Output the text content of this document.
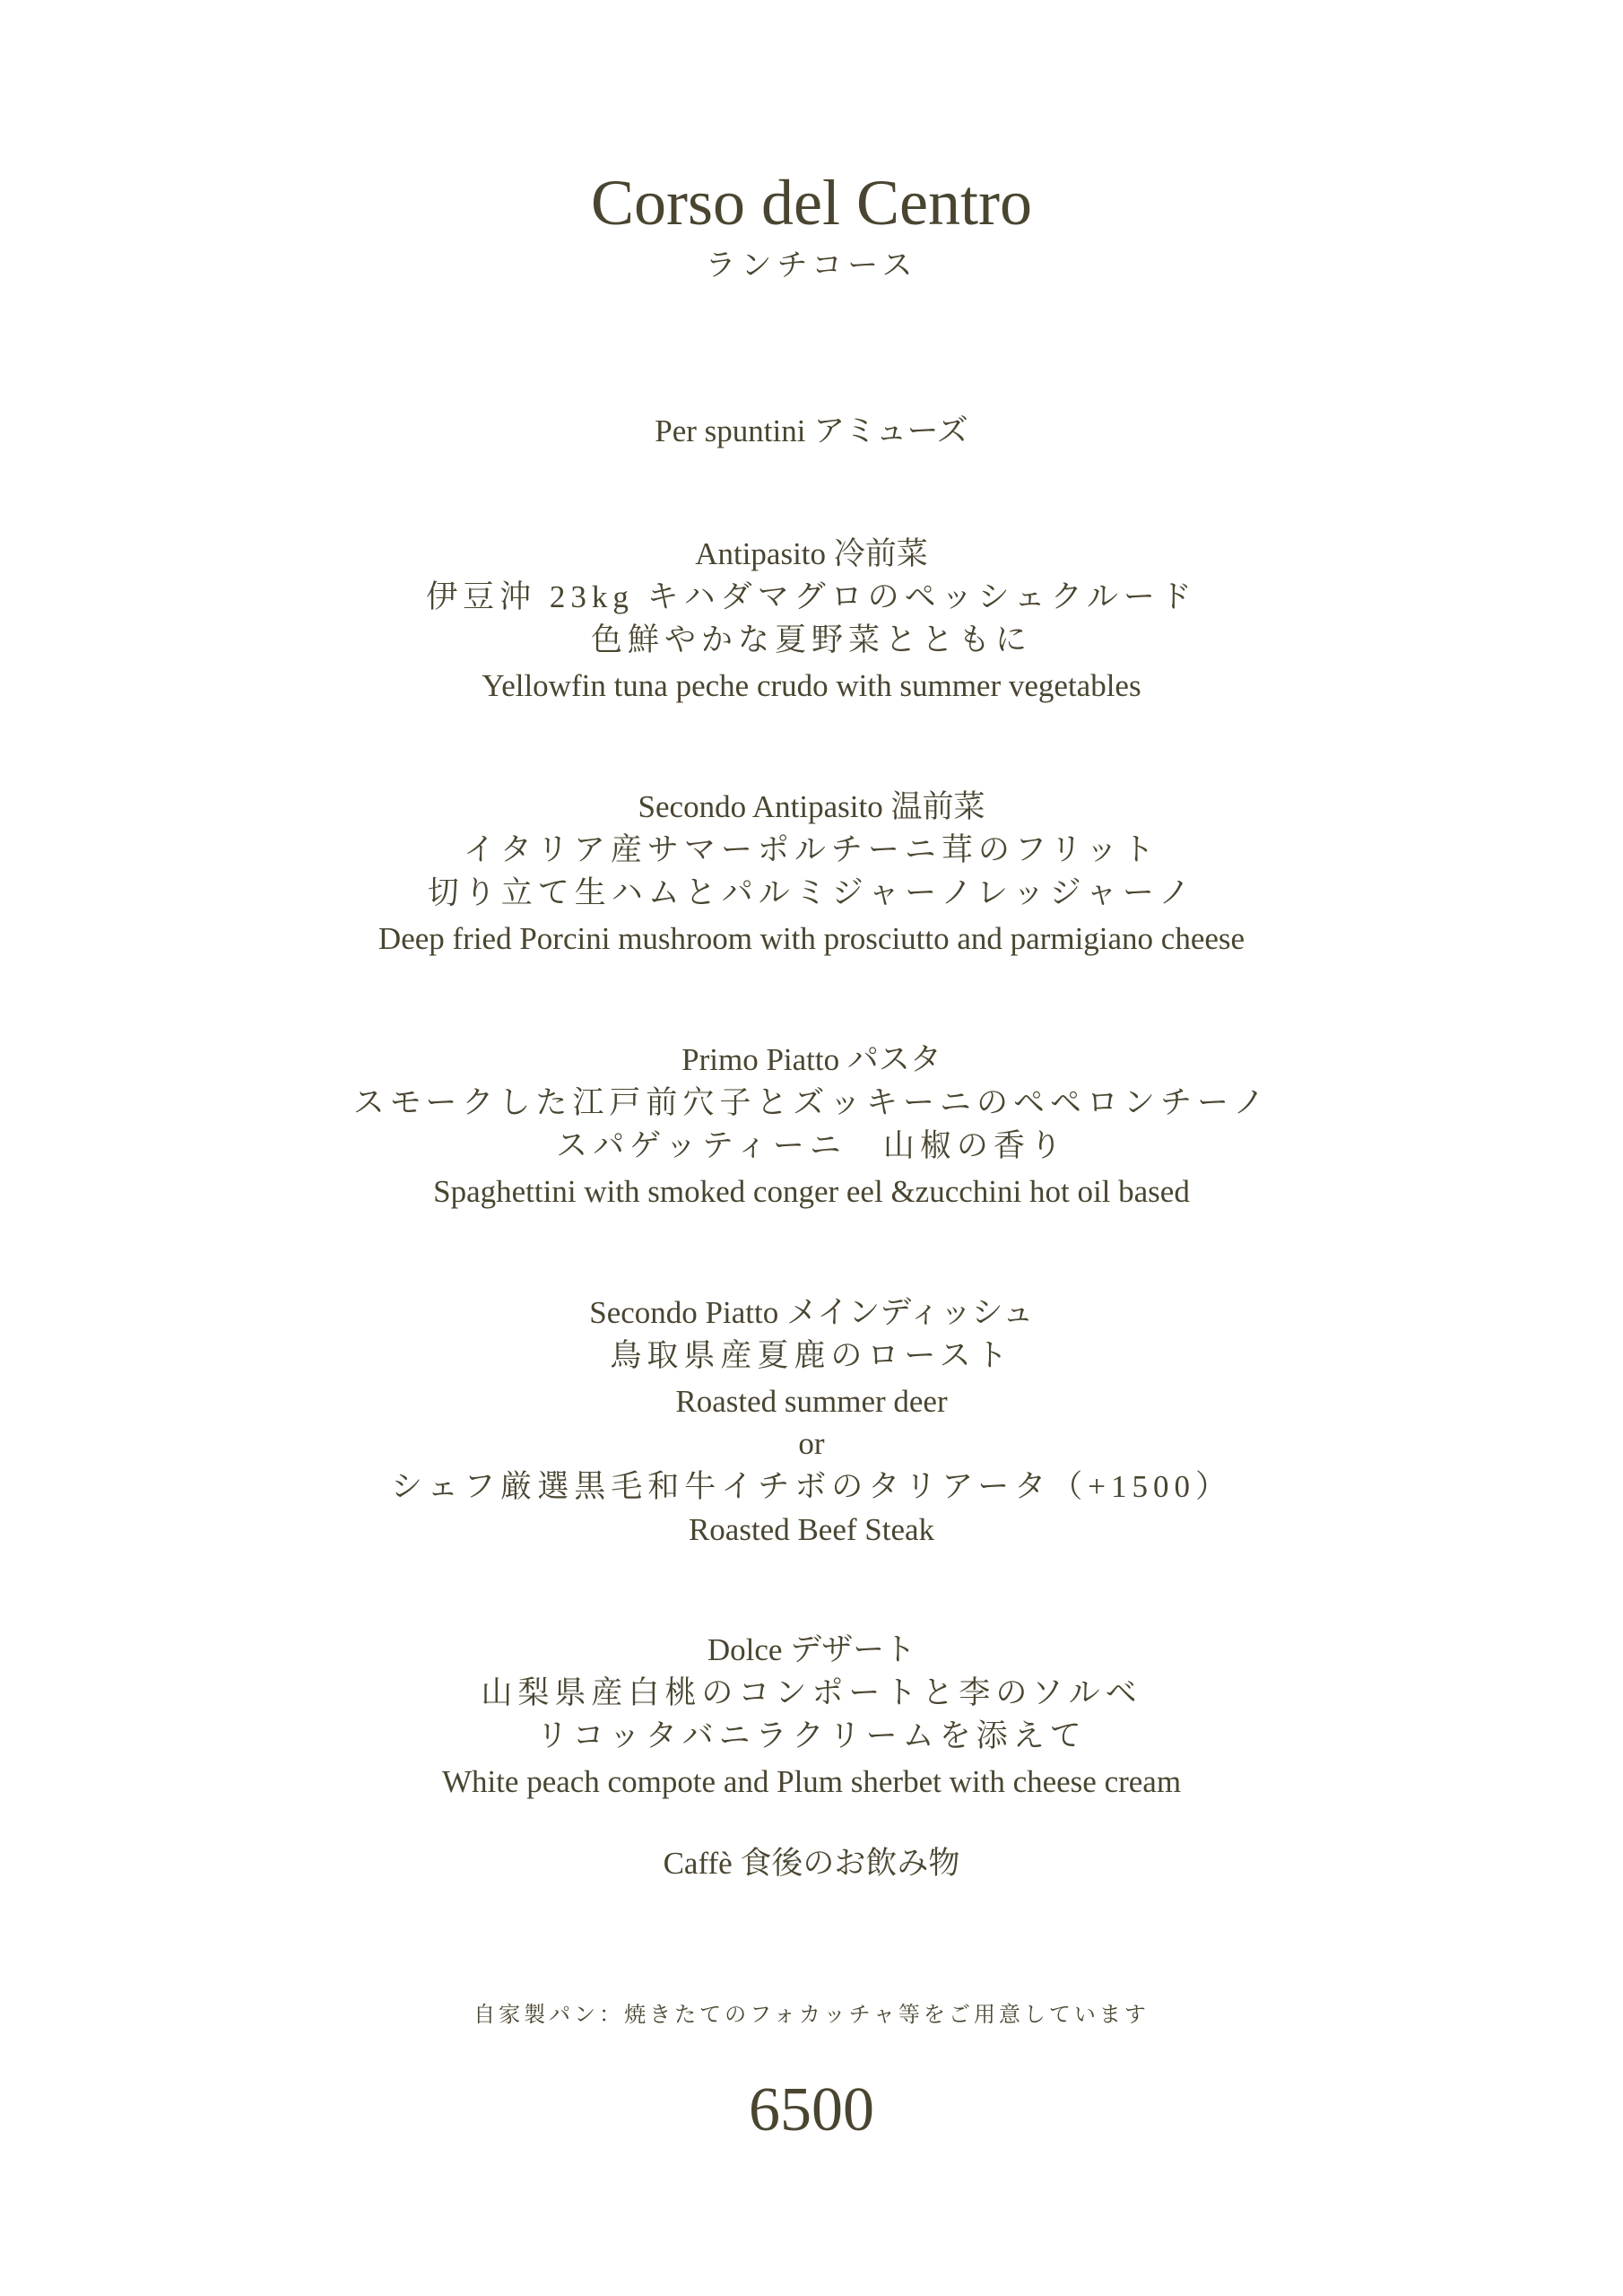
Corso del Centro
ランチコース
Per spuntini アミューズ
Antipasito 冷前菜
伊豆沖 23kg キハダマグロのペッシェクルード
色鮮やかな夏野菜とともに
Yellowfin tuna peche crudo with summer vegetables
Secondo Antipasito 温前菜
イタリア産サマーポルチーニ茸のフリット
切り立て生ハムとパルミジャーノレッジャーノ
Deep fried Porcini mushroom with prosciutto and parmigiano cheese
Primo Piatto パスタ
スモークした江戸前穴子とズッキーニのペペロンチーノ
スパゲッティーニ　山椒の香り
Spaghettini with smoked conger eel &zucchini hot oil based
Secondo Piatto メインディッシュ
鳥取県産夏鹿のロースト
Roasted summer deer
or
シェフ厳選黒毛和牛イチボのタリアータ（+1500）
Roasted Beef Steak
Dolce デザート
山梨県産白桃のコンポートと李のソルベ
リコッタバニラクリームを添えて
White peach compote and Plum sherbet with cheese cream
Caffè 食後のお飲み物
自家製パン：焼きたてのフォカッチャ等をご用意しています
6500
